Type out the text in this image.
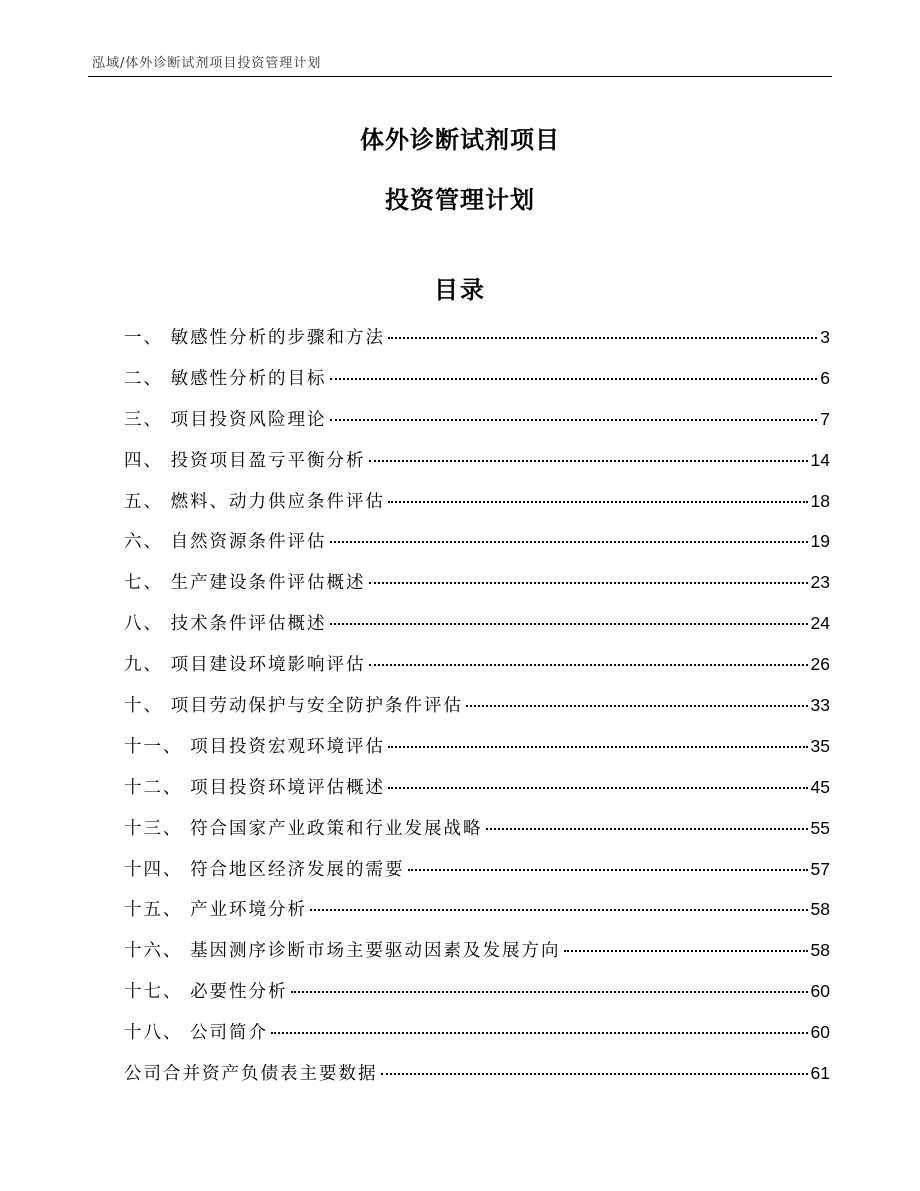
泓域/体外诊断试剂项目投资管理计划
体外诊断试剂项目
投资管理计划
目录
一、 敏感性分析的步骤和方法	3
二、 敏感性分析的目标	6
三、 项目投资风险理论	7
四、 投资项目盈亏平衡分析	14
五、 燃料、动力供应条件评估	18
六、 自然资源条件评估	19
七、 生产建设条件评估概述	23
八、 技术条件评估概述	24
九、 项目建设环境影响评估	26
十、 项目劳动保护与安全防护条件评估	33
十一、 项目投资宏观环境评估	35
十二、 项目投资环境评估概述	45
十三、 符合国家产业政策和行业发展战略	55
十四、 符合地区经济发展的需要	57
十五、 产业环境分析	58
十六、 基因测序诊断市场主要驱动因素及发展方向	58
十七、 必要性分析	60
十八、 公司简介	60
公司合并资产负债表主要数据	61
